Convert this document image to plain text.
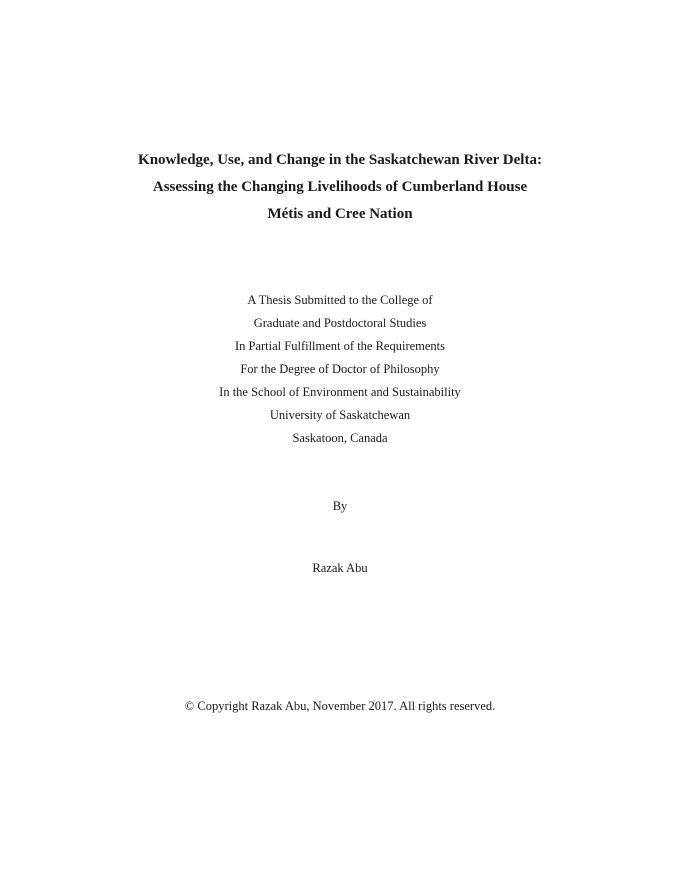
Knowledge, Use, and Change in the Saskatchewan River Delta:
Assessing the Changing Livelihoods of Cumberland House
Métis and Cree Nation
A Thesis Submitted to the College of
Graduate and Postdoctoral Studies
In Partial Fulfillment of the Requirements
For the Degree of Doctor of Philosophy
In the School of Environment and Sustainability
University of Saskatchewan
Saskatoon, Canada
By
Razak Abu
© Copyright Razak Abu, November 2017. All rights reserved.
